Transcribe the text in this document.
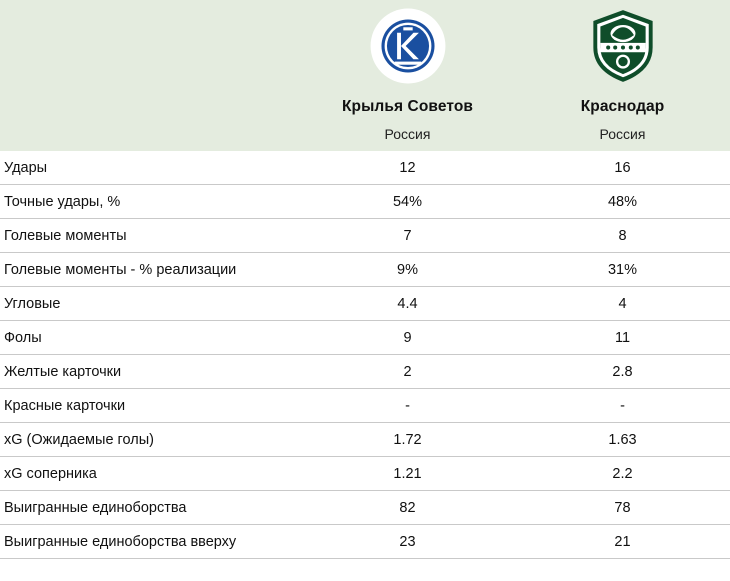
Крылья Советов
Россия

Краснодар
Россия

Удары	12	16
Точные удары, %	54%	48%
Голевые моменты	7	8
Голевые моменты - % реализации	9%	31%
Угловые	4.4	4
Фолы	9	11
Желтые карточки	2	2.8
Красные карточки	-	-
xG (Ожидаемые голы)	1.72	1.63
xG соперника	1.21	2.2
Выигранные единоборства	82	78
Выигранные единоборства вверху	23	21
